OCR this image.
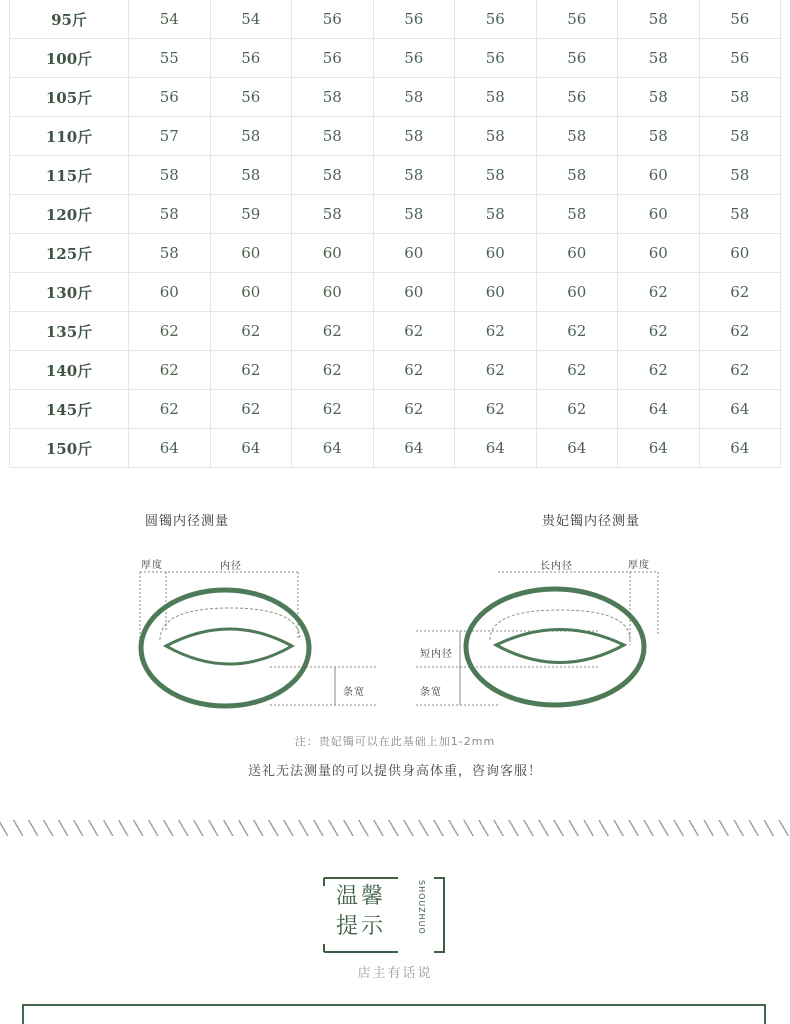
95斤	54	54	56	56	56	56	58	56
100斤	55	56	56	56	56	56	58	56
105斤	56	56	58	58	58	56	58	58
110斤	57	58	58	58	58	58	58	58
115斤	58	58	58	58	58	58	60	58
120斤	58	59	58	58	58	58	60	58
125斤	58	60	60	60	60	60	60	60
130斤	60	60	60	60	60	60	62	62
135斤	62	62	62	62	62	62	62	62
140斤	62	62	62	62	62	62	62	62
145斤	62	62	62	62	62	62	64	64
150斤	64	64	64	64	64	64	64	64
圆镯内径测量	贵妃镯内径测量
厚度	内径
条宽
长内径	厚度
短内径
条宽
注：贵妃镯可以在此基础上加1-2mm
送礼无法测量的可以提供身高体重，咨询客服！
温馨
提示	SHOUZHUO
店主有话说
